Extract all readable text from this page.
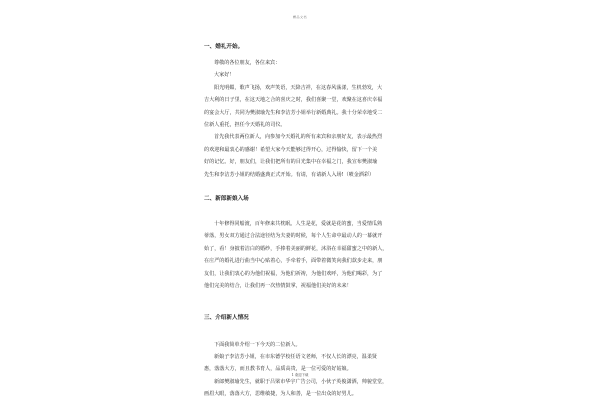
精品文档

一、婚礼开始。

尊敬的各位朋友，各位来宾：

大家好！

阳光明媚，歌声飞扬，欢声笑语，天降吉祥，在这春风荡漾，生机勃发，大

吉大利的日子里，在这天地之合的喜庆之时，我们喜聚一堂，欢聚在这喜庆幸福

的宴会大厅，共同为樊淑瑜先生和李洁芳小姐举行新婚典礼。我十分荣幸地受二

位新人重托，担任今天婚礼的司仪。

首先我代表两位新人，向参加今天婚礼的所有来宾和亲朋好友，表示最热烈

的欢迎和最衷心的感谢！希望大家今天能够过得开心，过得愉快，留下一个美

好的记忆。好，朋友们，让我们把所有的目光集中在幸福之门，我宣布樊淑瑜

先生和李洁芳小姐的结婚盛典正式开始。有请，有请新人入场!（喷金洒彩）

二、新郎新娘入场

十年修得同船渡，百年修来共枕眠。人生是花，爱就是花的蜜，当爱情瓜熟

蒂落，男女双方通过合法途径结为夫妻的时候，每个人生命中最动人的一幕就开

始了，看！身披着洁白的婚纱，手捧着美丽的鲜花，沐浴在幸福甜蜜之中的新人，

在庄严的婚礼进行曲当中心贴着心，手牵着手，面带着微笑向我们款步走来，朋

友们，让我们衷心的为他们祝福，为他们祈祷，为他们欢呼，为他们喝彩，为了

他们完美的结合，让我们再一次热情鼓掌，祝福他们美好的未来！

三、介绍新人情况

下面我简单介绍一下今天的二位新人。

新娘子李洁芳小姐，在市东德学校任语文老师，不仅人长的漂亮，温柔贤

惠，落落大方，而且教书育人，品质高贵，是一位可爱的好姑娘。

新郎樊淑瑜先生，就职于吕梁市华宇广告公司，小伙子英俊潇洒，帅貌堂堂，

画眉大眼，落落大方，思维敏捷，为人和善，是一位出众的好男儿。

1 欢迎下载
